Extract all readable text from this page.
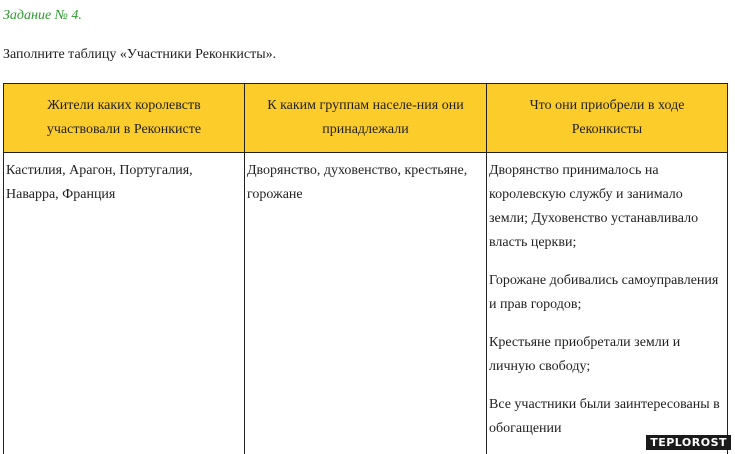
Задание № 4.
Заполните таблицу «Участники Реконкисты».
Жители каких королевств участвовали в Реконкисте	К каким группам населе-ния они принадлежали	Что они приобрели в ходе Реконкисты
Кастилия, Арагон, Португалия, Наварра, Франция	Дворянство, духовенство, крестьяне, горожане	Дворянство принималось на королевскую службу и занимало земли; Духовенство устанавливало власть церкви;

Горожане добивались самоуправления и прав городов;

Крестьяне приобретали земли и личную свободу;

Все участники были заинтересованы в обогащении

TEPLOROST
